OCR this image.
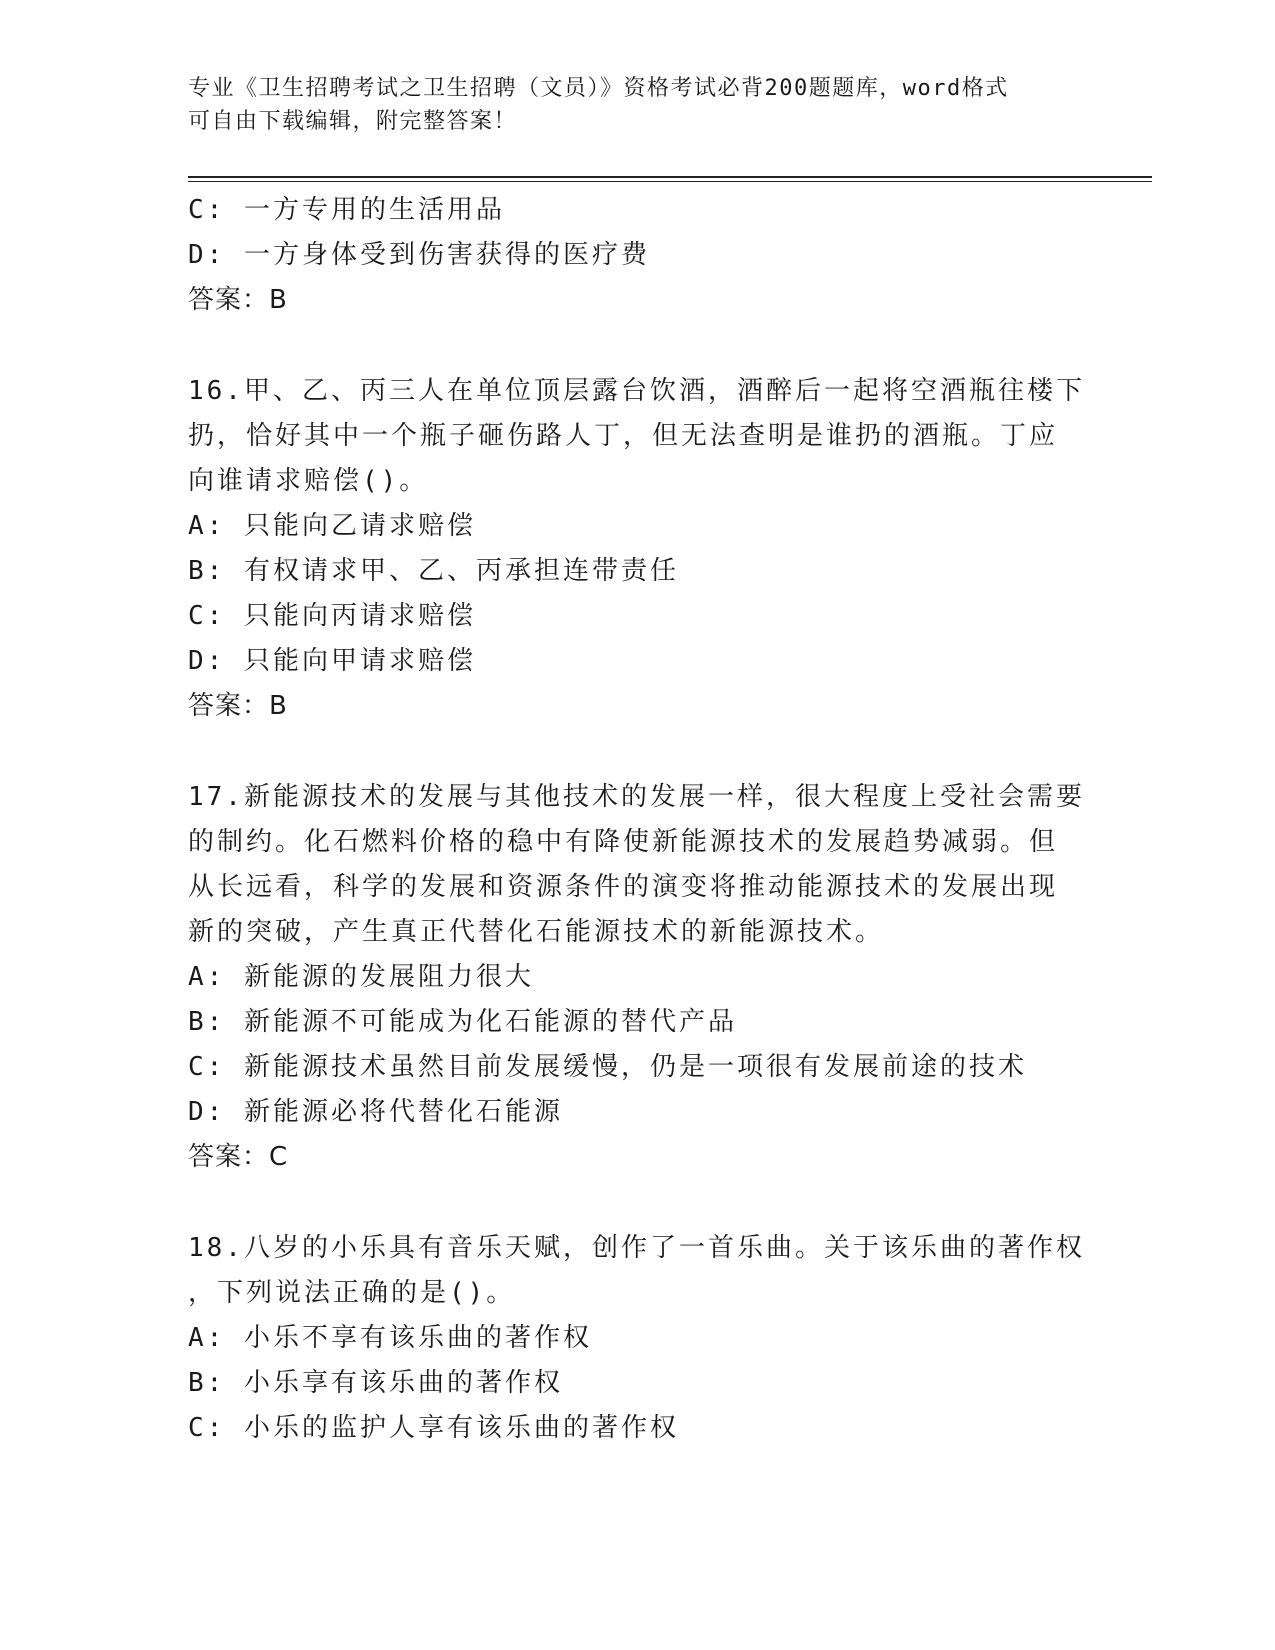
专业《卫生招聘考试之卫生招聘（文员）》资格考试必背200题题库，word格式
可自由下载编辑，附完整答案！
C: 一方专用的生活用品
D: 一方身体受到伤害获得的医疗费
答案：B
16.甲、乙、丙三人在单位顶层露台饮酒，酒醉后一起将空酒瓶往楼下
扔，恰好其中一个瓶子砸伤路人丁，但无法查明是谁扔的酒瓶。丁应
向谁请求赔偿()。
A: 只能向乙请求赔偿
B: 有权请求甲、乙、丙承担连带责任
C: 只能向丙请求赔偿
D: 只能向甲请求赔偿
答案：B
17.新能源技术的发展与其他技术的发展一样，很大程度上受社会需要
的制约。化石燃料价格的稳中有降使新能源技术的发展趋势减弱。但
从长远看，科学的发展和资源条件的演变将推动能源技术的发展出现
新的突破，产生真正代替化石能源技术的新能源技术。
A: 新能源的发展阻力很大
B: 新能源不可能成为化石能源的替代产品
C: 新能源技术虽然目前发展缓慢，仍是一项很有发展前途的技术
D: 新能源必将代替化石能源
答案：C
18.八岁的小乐具有音乐天赋，创作了一首乐曲。关于该乐曲的著作权
，下列说法正确的是()。
A: 小乐不享有该乐曲的著作权
B: 小乐享有该乐曲的著作权
C: 小乐的监护人享有该乐曲的著作权
